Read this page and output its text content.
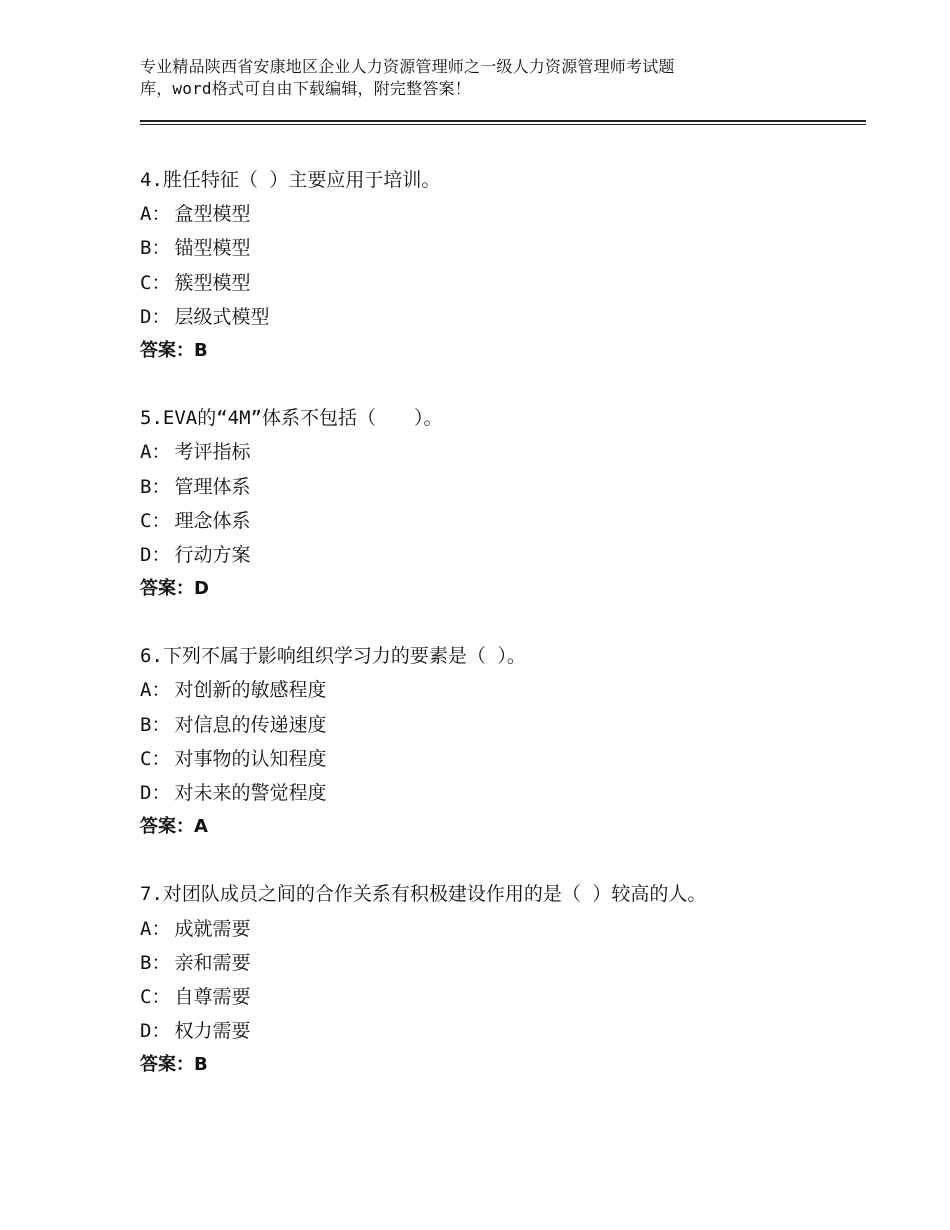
专业精品陕西省安康地区企业人力资源管理师之一级人力资源管理师考试题
库，word格式可自由下载编辑，附完整答案！
4.胜任特征（ ）主要应用于培训。
A： 盒型模型
B： 锚型模型
C： 簇型模型
D： 层级式模型
答案：B
5.EVA的“4M”体系不包括（　　）。
A： 考评指标
B： 管理体系
C： 理念体系
D： 行动方案
答案：D
6.下列不属于影响组织学习力的要素是（ ）。
A： 对创新的敏感程度
B： 对信息的传递速度
C： 对事物的认知程度
D： 对未来的警觉程度
答案：A
7.对团队成员之间的合作关系有积极建设作用的是（ ）较高的人。
A： 成就需要
B： 亲和需要
C： 自尊需要
D： 权力需要
答案：B
